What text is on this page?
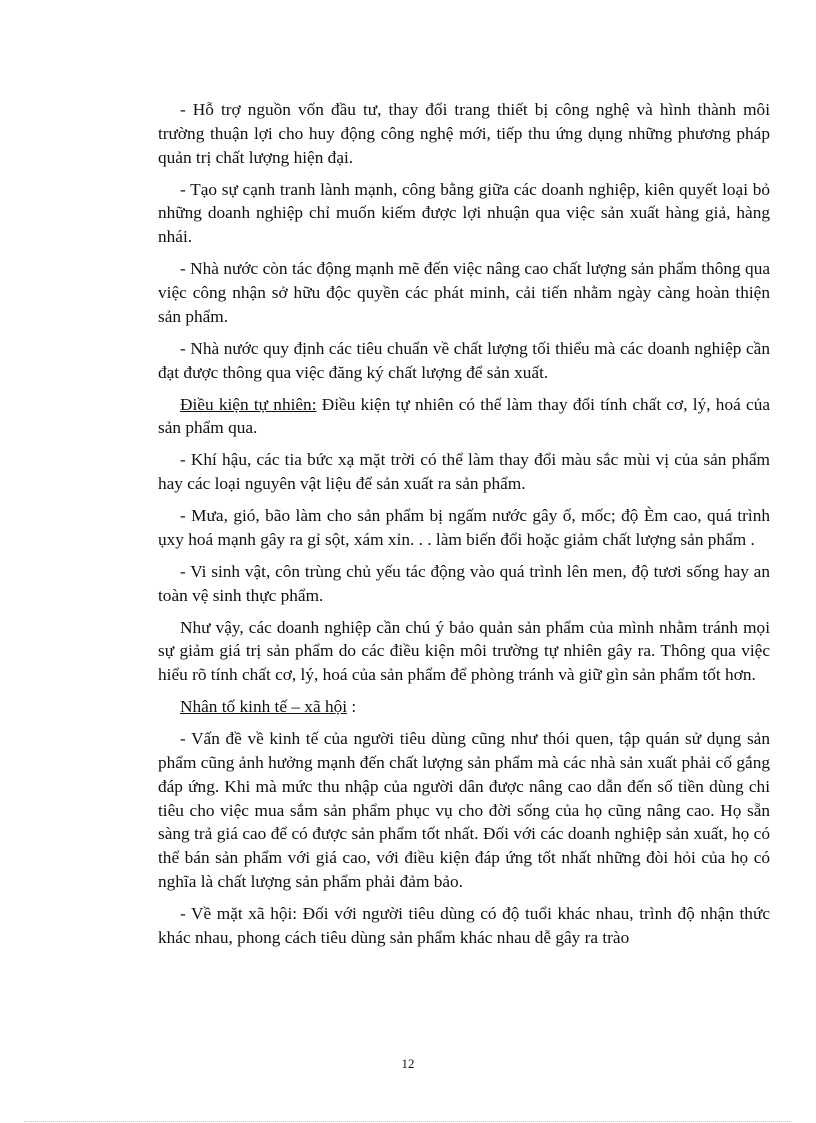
- Hỗ trợ nguồn vốn đầu tư, thay đổi trang thiết bị công nghệ và hình thành môi trường thuận lợi cho huy động công nghệ mới, tiếp thu ứng dụng những phương pháp quản trị chất lượng hiện đại.

- Tạo sự cạnh tranh lành mạnh, công bằng giữa các doanh nghiệp, kiên quyết loại bỏ những doanh nghiệp chỉ muốn kiếm được lợi nhuận qua việc sản xuất hàng giả, hàng nhái.

- Nhà nước còn tác động mạnh mẽ đến việc nâng cao chất lượng sản phẩm thông qua việc công nhận sở hữu độc quyền các phát minh, cải tiến nhằm ngày càng hoàn thiện sản phẩm.

- Nhà nước quy định các tiêu chuẩn về chất lượng tối thiểu mà các doanh nghiệp cần đạt được thông qua việc đăng ký chất lượng để sản xuất.

Điều kiện tự nhiên: Điều kiện tự nhiên có thể làm thay đổi tính chất cơ, lý, hoá của sản phẩm qua.

- Khí hậu, các tia bức xạ mặt trời có thể làm thay đổi màu sắc mùi vị của sản phẩm hay các loại nguyên vật liệu để sản xuất ra sản phẩm.

- Mưa, gió, bão làm cho sản phẩm bị ngấm nước gây ố, mốc; độ Èm cao, quá trình ụxy hoá mạnh gây ra gỉ sột, xám xỉn. . . làm biến đổi hoặc giảm chất lượng sản phẩm .

- Vi sinh vật, côn trùng chủ yếu tác động vào quá trình lên men, độ tươi sống hay an toàn vệ sinh thực phẩm.

Như vậy, các doanh nghiệp cần chú ý bảo quản sản phẩm của mình nhằm tránh mọi sự giảm giá trị sản phẩm do các điều kiện môi trường tự nhiên gây ra. Thông qua việc hiểu rõ tính chất cơ, lý, hoá của sản phẩm để phòng tránh và giữ gìn sản phẩm tốt hơn.

Nhân tố kinh tế – xã hội :

- Vấn đề về kinh tế của người tiêu dùng cũng như thói quen, tập quán sử dụng sản phẩm cũng ảnh hưởng mạnh đến chất lượng sản phẩm mà các nhà sản xuất phải cố gắng đáp ứng. Khi mà mức thu nhập của người dân được nâng cao dẫn đến số tiền dùng chi tiêu cho việc mua sắm sản phẩm phục vụ cho đời sống của họ cũng nâng cao. Họ sẵn sàng trả giá cao để có được sản phẩm tốt nhất. Đối với các doanh nghiệp sản xuất, họ có thể bán sản phẩm với giá cao, với điều kiện đáp ứng tốt nhất những đòi hỏi của họ có nghĩa là chất lượng sản phẩm phải đảm bảo.

- Về mặt xã hội: Đối với người tiêu dùng có độ tuổi khác nhau, trình độ nhận thức khác nhau, phong cách tiêu dùng sản phẩm khác nhau dễ gây ra trào

12
